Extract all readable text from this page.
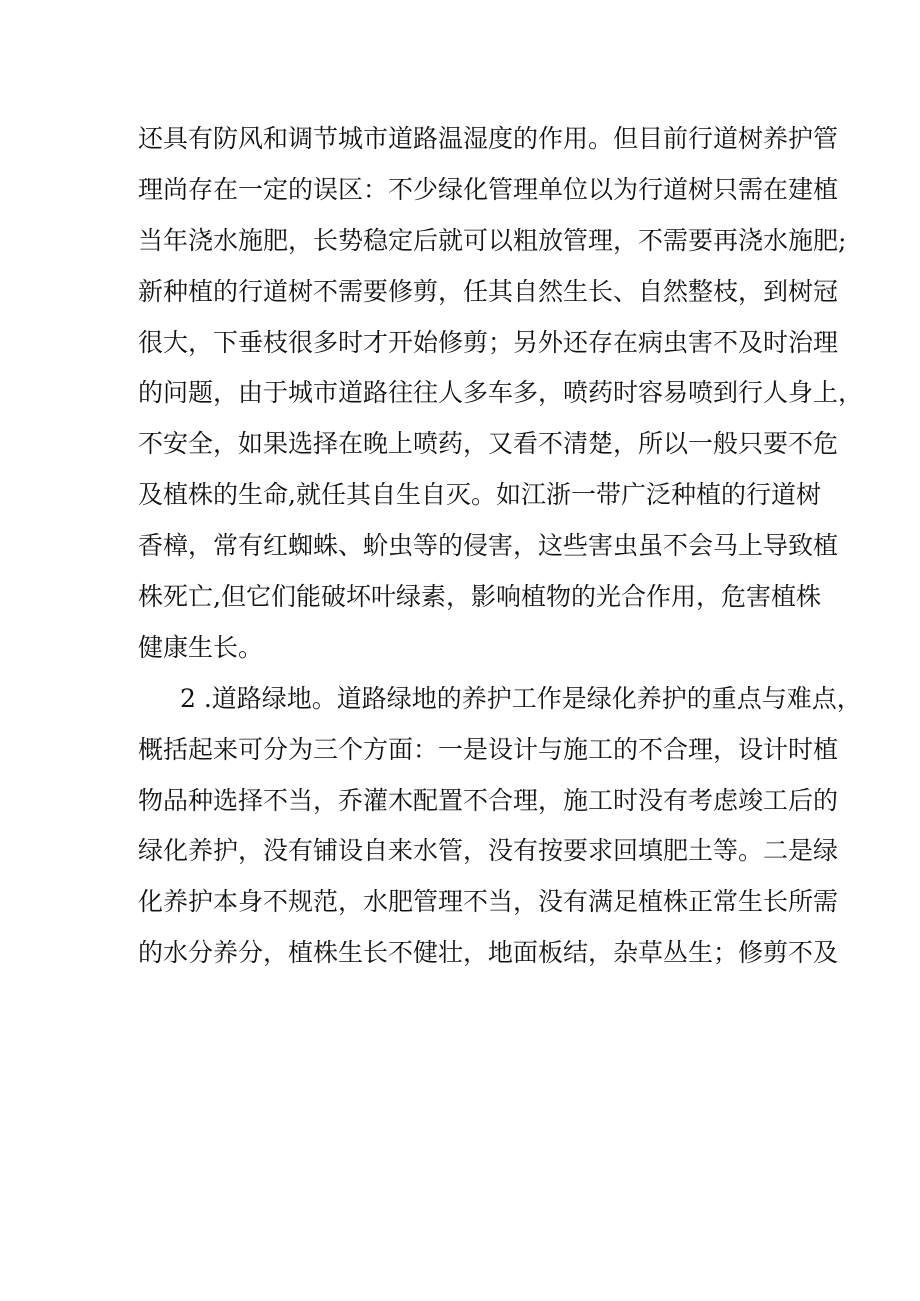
还具有防风和调节城市道路温湿度的作用。但目前行道树养护管
理尚存在一定的误区：不少绿化管理单位以为行道树只需在建植
当年浇水施肥，长势稳定后就可以粗放管理，不需要再浇水施肥;
新种植的行道树不需要修剪，任其自然生长、自然整枝，到树冠
很大，下垂枝很多时才开始修剪；另外还存在病虫害不及时治理
的问题，由于城市道路往往人多车多，喷药时容易喷到行人身上，
不安全，如果选择在晚上喷药，又看不清楚，所以一般只要不危
及植株的生命,就任其自生自灭。如江浙一带广泛种植的行道树
香樟，常有红蜘蛛、蚧虫等的侵害，这些害虫虽不会马上导致植
株死亡,但它们能破坏叶绿素，影响植物的光合作用，危害植株
健康生长。
2 .道路绿地。道路绿地的养护工作是绿化养护的重点与难点，
概括起来可分为三个方面：一是设计与施工的不合理，设计时植
物品种选择不当，乔灌木配置不合理，施工时没有考虑竣工后的
绿化养护，没有铺设自来水管，没有按要求回填肥土等。二是绿
化养护本身不规范，水肥管理不当，没有满足植株正常生长所需
的水分养分，植株生长不健壮，地面板结，杂草丛生；修剪不及
